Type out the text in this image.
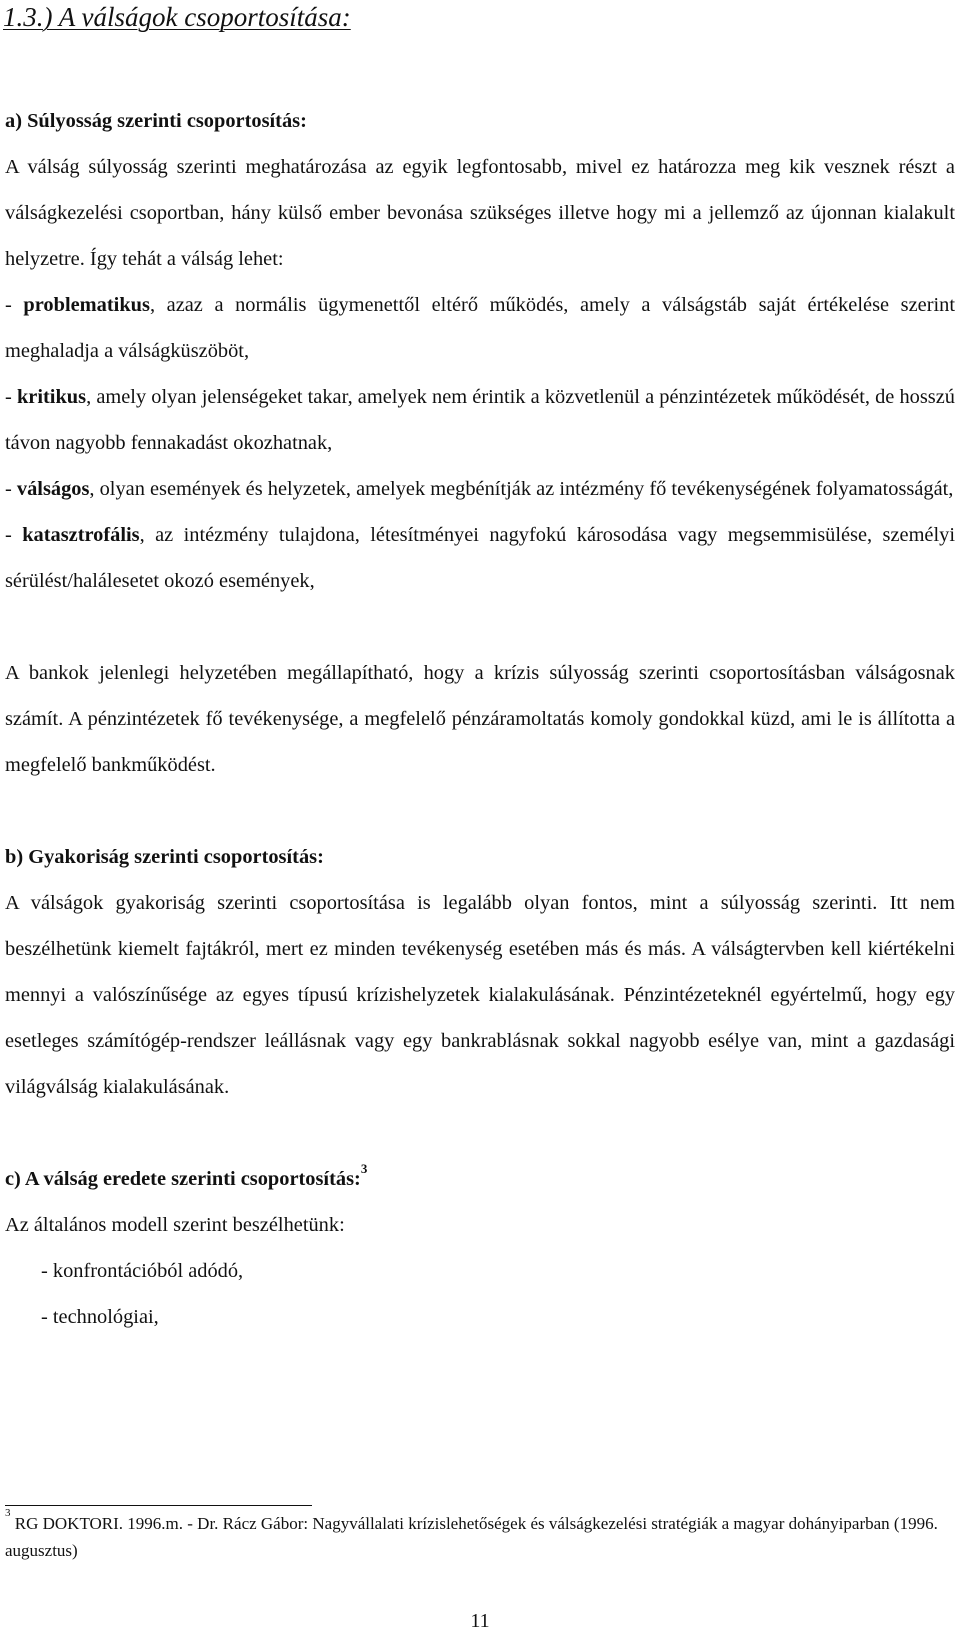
1.3.) A válságok csoportosítása:
a) Súlyosság szerinti csoportosítás:

A válság súlyosság szerinti meghatározása az egyik legfontosabb, mivel ez határozza meg kik vesznek részt a válságkezelési csoportban, hány külső ember bevonása szükséges illetve hogy mi a jellemző az újonnan kialakult helyzetre. Így tehát a válság lehet:

- problematikus, azaz a normális ügymenettől eltérő működés, amely a válságstáb saját értékelése szerint meghaladja a válságküszöböt,

- kritikus, amely olyan jelenségeket takar, amelyek nem érintik a közvetlenül a pénzintézetek működését, de hosszú távon nagyobb fennakadást okozhatnak,

- válságos, olyan események és helyzetek, amelyek megbénítják az intézmény fő tevékenységének folyamatosságát,

- katasztrofális, az intézmény tulajdona, létesítményei nagyfokú károsodása vagy megsemmisülése, személyi sérülést/halálesetet okozó események,

A bankok jelenlegi helyzetében megállapítható, hogy a krízis súlyosság szerinti csoportosításban válságosnak számít. A pénzintézetek fő tevékenysége, a megfelelő pénzáramoltatás komoly gondokkal küzd, ami le is állította a megfelelő bankműködést.

b) Gyakoriság szerinti csoportosítás:

A válságok gyakoriság szerinti csoportosítása is legalább olyan fontos, mint a súlyosság szerinti. Itt nem beszélhetünk kiemelt fajtákról, mert ez minden tevékenység esetében más és más. A válságtervben kell kiértékelni mennyi a valószínűsége az egyes típusú krízishelyzetek kialakulásának. Pénzintézeteknél egyértelmű, hogy egy esetleges számítógép-rendszer leállásnak vagy egy bankrablásnak sokkal nagyobb esélye van, mint a gazdasági világválság kialakulásának.

c) A válság eredete szerinti csoportosítás:$^3$

Az általános modell szerint beszélhetünk:

- konfrontációból adódó,

- technológiai,

$^3$ RG DOKTORI. 1996.m. - Dr. Rácz Gábor: Nagyvállalati krízislehetőségek és válságkezelési stratégiák a magyar dohányiparban (1996. augusztus)
11
